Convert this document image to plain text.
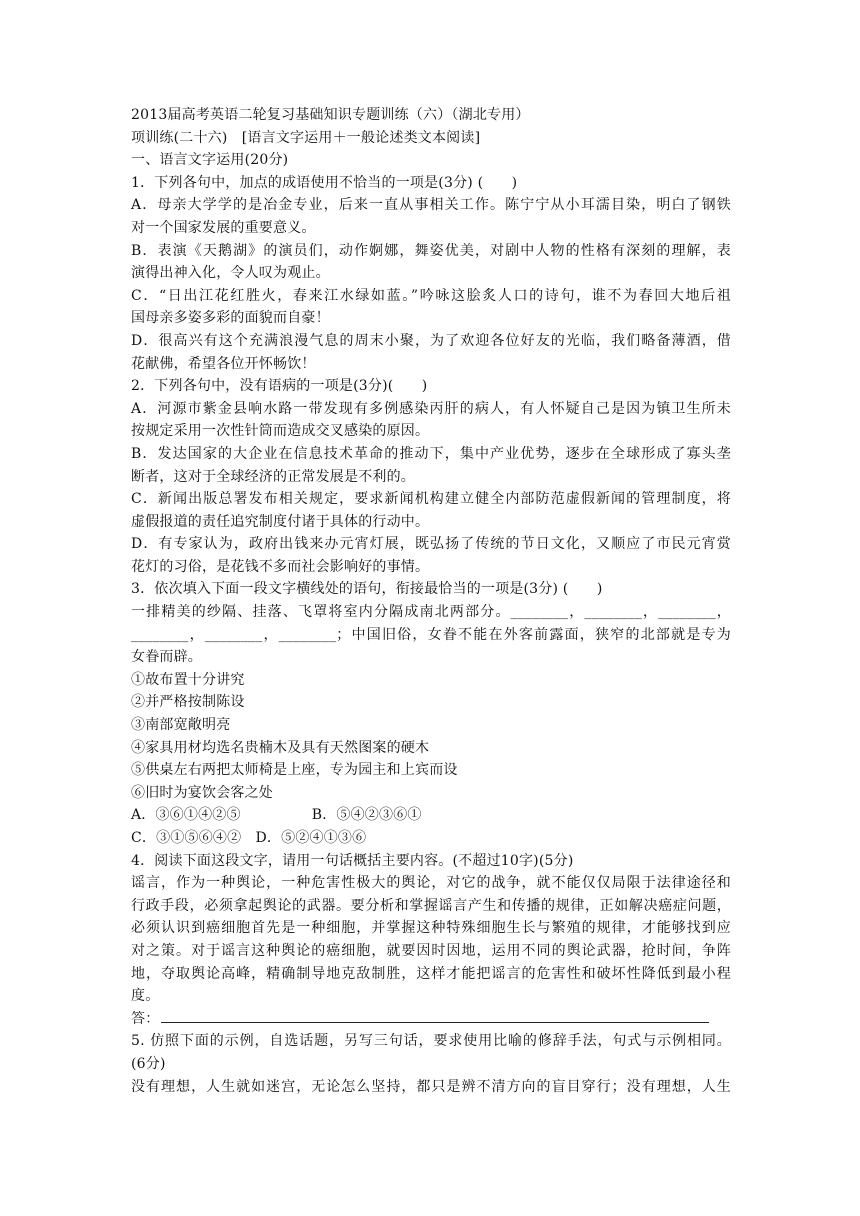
2013届高考英语二轮复习基础知识专题训练（六）（湖北专用）
项训练(二十六)　[语言文字运用＋一般论述类文本阅读]
一、语言文字运用(20分)
1．下列各句中，加点的成语使用不恰当的一项是(3分) (　　)
A．母亲大学学的是冶金专业，后来一直从事相关工作。陈宁宁从小耳濡目染，明白了钢铁
对一个国家发展的重要意义。
B．表演《天鹅湖》的演员们，动作婀娜，舞姿优美，对剧中人物的性格有深刻的理解，表
演得出神入化，令人叹为观止。
C．“日出江花红胜火，春来江水绿如蓝。”吟咏这脍炙人口的诗句，谁不为春回大地后祖
国母亲多姿多彩的面貌而自豪！
D．很高兴有这个充满浪漫气息的周末小聚，为了欢迎各位好友的光临，我们略备薄酒，借
花献佛，希望各位开怀畅饮！
2．下列各句中，没有语病的一项是(3分)(　　)
A．河源市紫金县响水路一带发现有多例感染丙肝的病人，有人怀疑自己是因为镇卫生所未
按规定采用一次性针筒而造成交叉感染的原因。
B．发达国家的大企业在信息技术革命的推动下，集中产业优势，逐步在全球形成了寡头垄
断者，这对于全球经济的正常发展是不利的。
C．新闻出版总署发布相关规定，要求新闻机构建立健全内部防范虚假新闻的管理制度，将
虚假报道的责任追究制度付诸于具体的行动中。
D．有专家认为，政府出钱来办元宵灯展，既弘扬了传统的节日文化，又顺应了市民元宵赏
花灯的习俗，是花钱不多而社会影响好的事情。
3．依次填入下面一段文字横线处的语句，衔接最恰当的一项是(3分) (　　)
一排精美的纱隔、挂落、飞罩将室内分隔成南北两部分。________，________，________，
________，________，________；中国旧俗，女眷不能在外客前露面，狭窄的北部就是专为
女眷而辟。
①故布置十分讲究
②并严格按制陈设
③南部宽敞明亮
④家具用材均选名贵楠木及具有天然图案的硬木
⑤供桌左右两把太师椅是上座，专为园主和上宾而设
⑥旧时为宴饮会客之处
A．③⑥①④②⑤　　　　　B．⑤④②③⑥①
C．③①⑤⑥④②　D．⑤②④①③⑥
4．阅读下面这段文字，请用一句话概括主要内容。(不超过10字)(5分)
谣言，作为一种舆论，一种危害性极大的舆论，对它的战争，就不能仅仅局限于法律途径和
行政手段，必须拿起舆论的武器。要分析和掌握谣言产生和传播的规律，正如解决癌症问题，
必须认识到癌细胞首先是一种细胞，并掌握这种特殊细胞生长与繁殖的规律，才能够找到应
对之策。对于谣言这种舆论的癌细胞，就要因时因地，运用不同的舆论武器，抢时间，争阵
地，夺取舆论高峰，精确制导地克敌制胜，这样才能把谣言的危害性和破坏性降低到最小程
度。
答：
5. 仿照下面的示例，自选话题，另写三句话，要求使用比喻的修辞手法，句式与示例相同。
(6分)
没有理想，人生就如迷宫，无论怎么坚持，都只是辨不清方向的盲目穿行；没有理想，人生
